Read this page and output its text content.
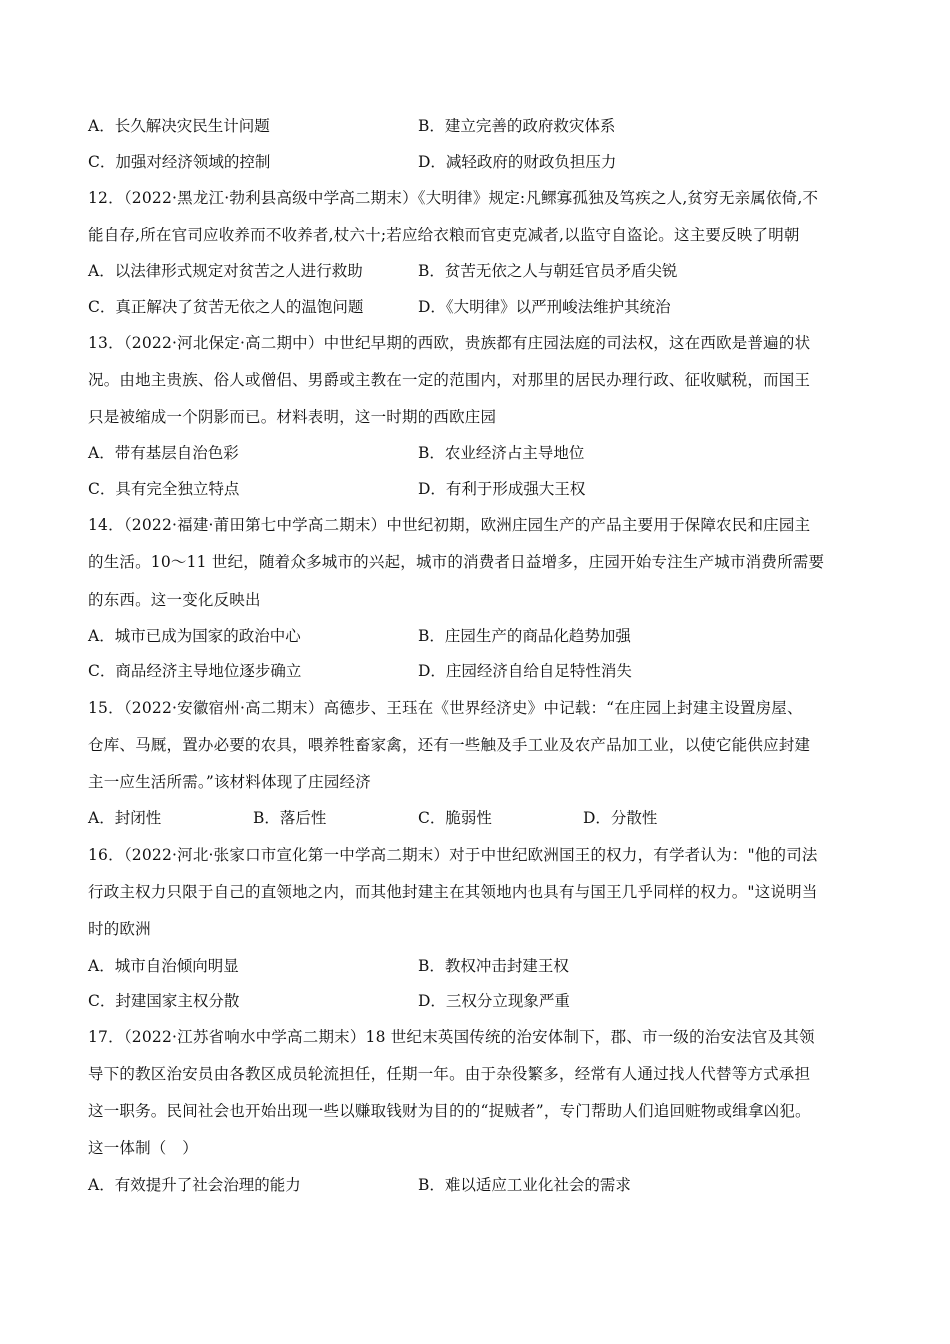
A．长久解决灾民生计问题	B．建立完善的政府救灾体系
C．加强对经济领域的控制	D．减轻政府的财政负担压力
12．（2022·黑龙江·勃利县高级中学高二期末）《大明律》规定:凡鳏寡孤独及笃疾之人,贫穷无亲属依倚,不
能自存,所在官司应收养而不收养者,杖六十;若应给衣粮而官吏克减者,以监守自盗论。这主要反映了明朝
A．以法律形式规定对贫苦之人进行救助	B．贫苦无依之人与朝廷官员矛盾尖锐
C．真正解决了贫苦无依之人的温饱问题	D．《大明律》以严刑峻法维护其统治
13．（2022·河北保定·高二期中）中世纪早期的西欧，贵族都有庄园法庭的司法权，这在西欧是普遍的状
况。由地主贵族、俗人或僧侣、男爵或主教在一定的范围内，对那里的居民办理行政、征收赋税，而国王
只是被缩成一个阴影而已。材料表明，这一时期的西欧庄园
A．带有基层自治色彩	B．农业经济占主导地位
C．具有完全独立特点	D．有利于形成强大王权
14．（2022·福建·莆田第七中学高二期末）中世纪初期，欧洲庄园生产的产品主要用于保障农民和庄园主
的生活。10～11 世纪，随着众多城市的兴起，城市的消费者日益增多，庄园开始专注生产城市消费所需要
的东西。这一变化反映出
A．城市已成为国家的政治中心	B．庄园生产的商品化趋势加强
C．商品经济主导地位逐步确立	D．庄园经济自给自足特性消失
15．（2022·安徽宿州·高二期末）高德步、王珏在《世界经济史》中记载：“在庄园上封建主设置房屋、
仓库、马厩，置办必要的农具，喂养牲畜家禽，还有一些触及手工业及农产品加工业，以使它能供应封建
主一应生活所需。”该材料体现了庄园经济
A．封闭性	B．落后性	C．脆弱性	D．分散性
16．（2022·河北·张家口市宣化第一中学高二期末）对于中世纪欧洲国王的权力，有学者认为："他的司法
行政主权力只限于自己的直领地之内，而其他封建主在其领地内也具有与国王几乎同样的权力。"这说明当
时的欧洲
A．城市自治倾向明显	B．教权冲击封建王权
C．封建国家主权分散	D．三权分立现象严重
17．（2022·江苏省响水中学高二期末）18 世纪末英国传统的治安体制下，郡、市一级的治安法官及其领
导下的教区治安员由各教区成员轮流担任，任期一年。由于杂役繁多，经常有人通过找人代替等方式承担
这一职务。民间社会也开始出现一些以赚取钱财为目的的“捉贼者”，专门帮助人们追回赃物或缉拿凶犯。
这一体制（　）
A．有效提升了社会治理的能力	B．难以适应工业化社会的需求
